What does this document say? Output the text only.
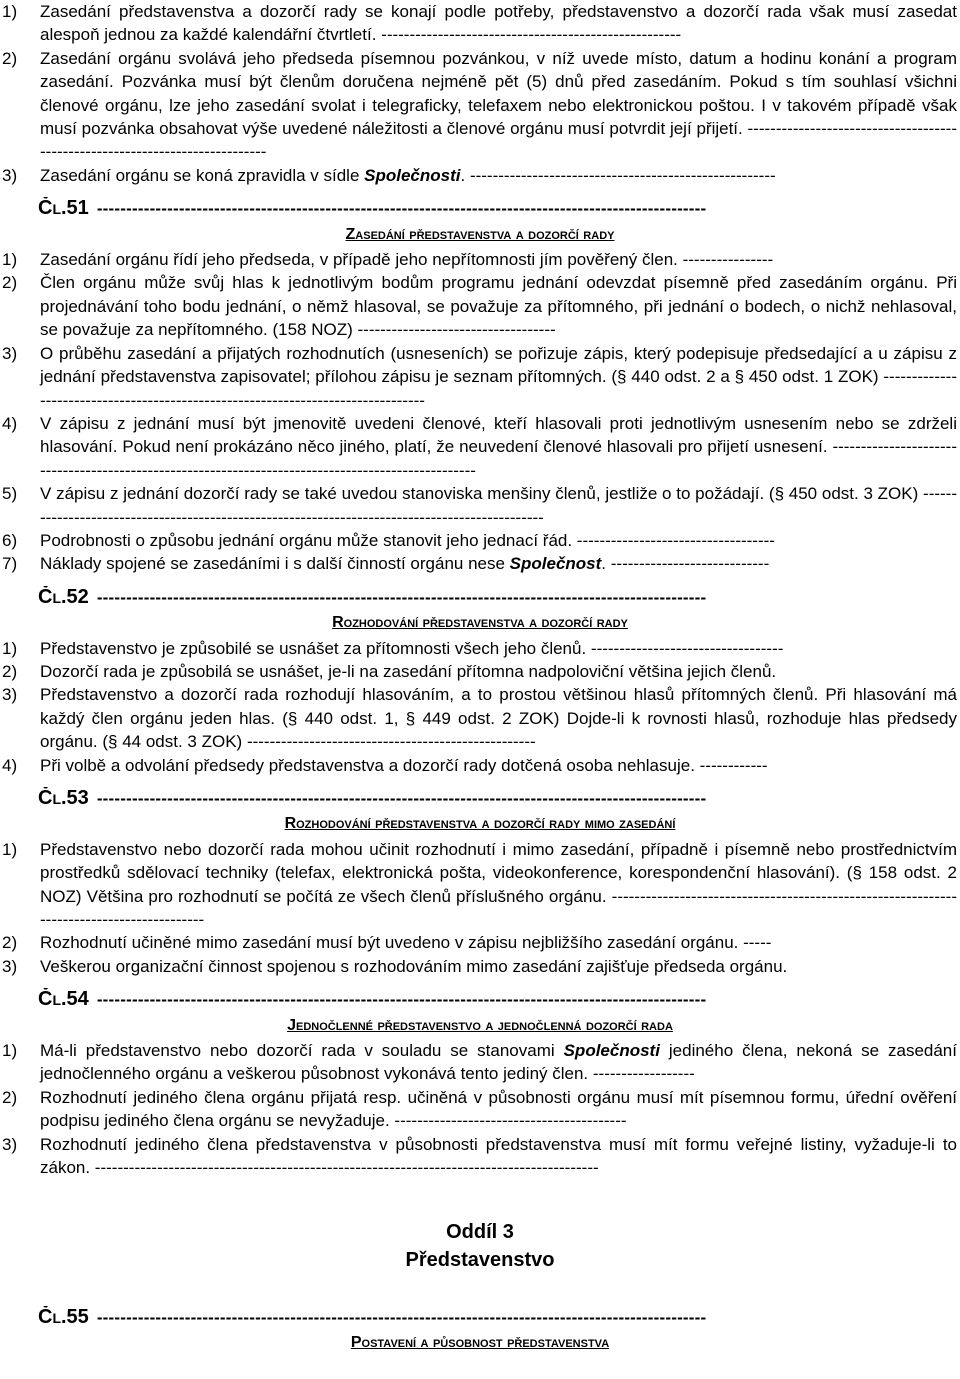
1)	Zasedání představenstva a dozorčí rady se konají podle potřeby, představenstvo a dozorčí rada však musí zasedat alespoň jednou za každé kalendářní čtvrtletí. -----------------------------------------------------
2)	Zasedání orgánu svolává jeho předseda písemnou pozvánkou, v níž uvede místo, datum a hodinu konání a program zasedání. Pozvánka musí být členům doručena nejméně pět (5) dnů před zasedáním. Pokud s tím souhlasí všichni členové orgánu, lze jeho zasedání svolat i telegraficky, telefaxem nebo elektronickou poštou. I v takovém případě však musí pozvánka obsahovat výše uvedené náležitosti a členové orgánu musí potvrdit její přijetí. -----------------------------------------------------------------------------
3)	Zasedání orgánu se koná zpravidla v sídle Společnosti. ------------------------------------------------------
Čl.51 --------------------------------------------------------------------------------------------------------
Zasedání představenstva a dozorčí rady
1)	Zasedání orgánu řídí jeho předseda, v případě jeho nepřítomnosti jím pověřený člen. ----------------
2)	Člen orgánu může svůj hlas k jednotlivým bodům programu jednání odevzdat písemně před zasedáním orgánu. Při projednávání toho bodu jednání, o němž hlasoval, se považuje za přítomného, při jednání o bodech, o nichž nehlasoval, se považuje za nepřítomného. (158 NOZ) -----------------------------------
3)	O průběhu zasedání a přijatých rozhodnutích (usneseních) se pořizuje zápis, který podepisuje předsedající a u zápisu z jednání představenstva zapisovatel; přílohou zápisu je seznam přítomných. (§ 440 odst. 2 a § 450 odst. 1 ZOK) ---------------------------------------------------------------------------------
4)	V zápisu z jednání musí být jmenovitě uvedeni členové, kteří hlasovali proti jednotlivým usnesením nebo se zdrželi hlasování. Pokud není prokázáno něco jiného, platí, že neuvedení členové hlasovali pro přijetí usnesení. ---------------------------------------------------------------------------------------------------
5)	V zápisu z jednání dozorčí rady se také uvedou stanoviska menšiny členů, jestliže o to požádají. (§ 450 odst. 3 ZOK) -----------------------------------------------------------------------------------------------
6)	Podrobnosti o způsobu jednání orgánu může stanovit jeho jednací řád. -----------------------------------
7)	Náklady spojené se zasedáními i s další činností orgánu nese Společnost. ----------------------------
Čl.52 --------------------------------------------------------------------------------------------------------
Rozhodování představenstva a dozorčí rady
1)	Představenstvo je způsobilé se usnášet za přítomnosti všech jeho členů. ----------------------------------
2)	Dozorčí rada je způsobilá se usnášet, je-li na zasedání přítomna nadpoloviční většina jejich členů.
3)	Představenstvo a dozorčí rada rozhodují hlasováním, a to prostou většinou hlasů přítomných členů. Při hlasování má každý člen orgánu jeden hlas. (§ 440 odst. 1, § 449 odst. 2 ZOK) Dojde-li k rovnosti hlasů, rozhoduje hlas předsedy orgánu. (§ 44 odst. 3 ZOK) ---------------------------------------------------
4)	Při volbě a odvolání předsedy představenstva a dozorčí rady dotčená osoba nehlasuje. ------------
Čl.53 --------------------------------------------------------------------------------------------------------
Rozhodování představenstva a dozorčí rady mimo zasedání
1)	Představenstvo nebo dozorčí rada mohou učinit rozhodnutí i mimo zasedání, případně i písemně nebo prostřednictvím prostředků sdělovací techniky (telefax, elektronická pošta, videokonference, korespondenční hlasování). (§ 158 odst. 2 NOZ) Většina pro rozhodnutí se počítá ze všech členů příslušného orgánu. ------------------------------------------------------------------------------------------
2)	Rozhodnutí učiněné mimo zasedání musí být uvedeno v zápisu nejbližšího zasedání orgánu. -----
3)	Veškerou organizační činnost spojenou s rozhodováním mimo zasedání zajišťuje předseda orgánu.
Čl.54 --------------------------------------------------------------------------------------------------------
Jednočlenné představenstvo a jednočlenná dozorčí rada
1)	Má-li představenstvo nebo dozorčí rada v souladu se stanovami Společnosti jediného člena, nekoná se zasedání jednočlenného orgánu a veškerou působnost vykonává tento jediný člen. ------------------
2)	Rozhodnutí jediného člena orgánu přijatá resp. učiněná v působnosti orgánu musí mít písemnou formu, úřední ověření podpisu jediného člena orgánu se nevyžaduje. -----------------------------------------
3)	Rozhodnutí jediného člena představenstva v působnosti představenstva musí mít formu veřejné listiny, vyžaduje-li to zákon. -----------------------------------------------------------------------------------------
Oddíl 3
Představenstvo
Čl.55 --------------------------------------------------------------------------------------------------------
Postavení a působnost představenstva
